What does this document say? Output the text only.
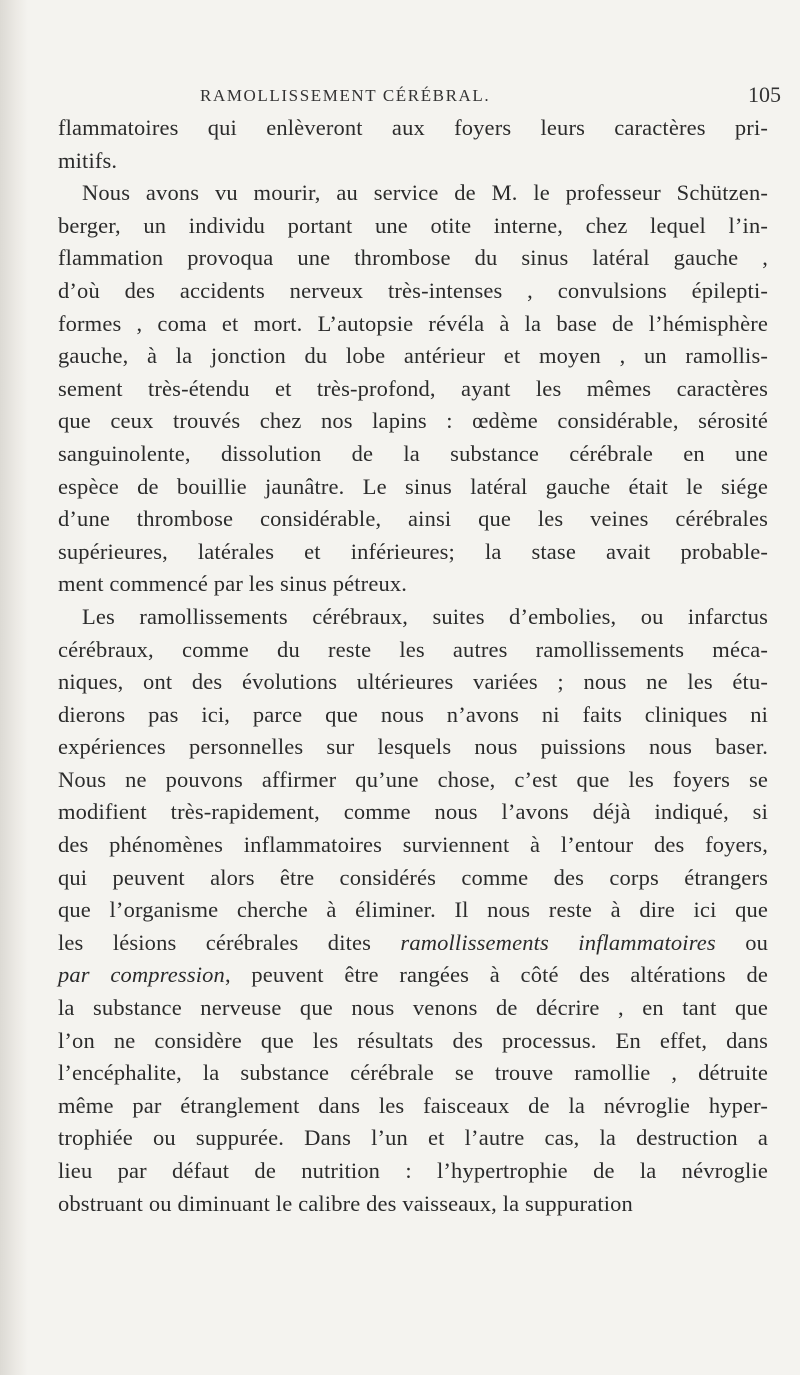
RAMOLLISSEMENT CÉRÉBRAL.	105
flammatoires qui enlèveront aux foyers leurs caractères pri-
mitifs.
Nous avons vu mourir, au service de M. le professeur Schützen-
berger, un individu portant une otite interne, chez lequel l’in-
flammation provoqua une thrombose du sinus latéral gauche ,
d’où des accidents nerveux très-intenses , convulsions épilepti-
formes , coma et mort. L’autopsie révéla à la base de l’hémisphère
gauche, à la jonction du lobe antérieur et moyen , un ramollis-
sement très-étendu et très-profond, ayant les mêmes caractères
que ceux trouvés chez nos lapins : œdème considérable, sérosité
sanguinolente, dissolution de la substance cérébrale en une
espèce de bouillie jaunâtre. Le sinus latéral gauche était le siége
d’une thrombose considérable, ainsi que les veines cérébrales
supérieures, latérales et inférieures; la stase avait probable-
ment commencé par les sinus pétreux.
Les ramollissements cérébraux, suites d’embolies, ou infarctus
cérébraux, comme du reste les autres ramollissements méca-
niques, ont des évolutions ultérieures variées ; nous ne les étu-
dierons pas ici, parce que nous n’avons ni faits cliniques ni
expériences personnelles sur lesquels nous puissions nous baser.
Nous ne pouvons affirmer qu’une chose, c’est que les foyers se
modifient très-rapidement, comme nous l’avons déjà indiqué, si
des phénomènes inflammatoires surviennent à l’entour des foyers,
qui peuvent alors être considérés comme des corps étrangers
que l’organisme cherche à éliminer. Il nous reste à dire ici que
les lésions cérébrales dites ramollissements inflammatoires ou
par compression, peuvent être rangées à côté des altérations de
la substance nerveuse que nous venons de décrire , en tant que
l’on ne considère que les résultats des processus. En effet, dans
l’encéphalite, la substance cérébrale se trouve ramollie , détruite
même par étranglement dans les faisceaux de la névroglie hyper-
trophiée ou suppurée. Dans l’un et l’autre cas, la destruction a
lieu par défaut de nutrition : l’hypertrophie de la névroglie
obstruant ou diminuant le calibre des vaisseaux, la suppuration
